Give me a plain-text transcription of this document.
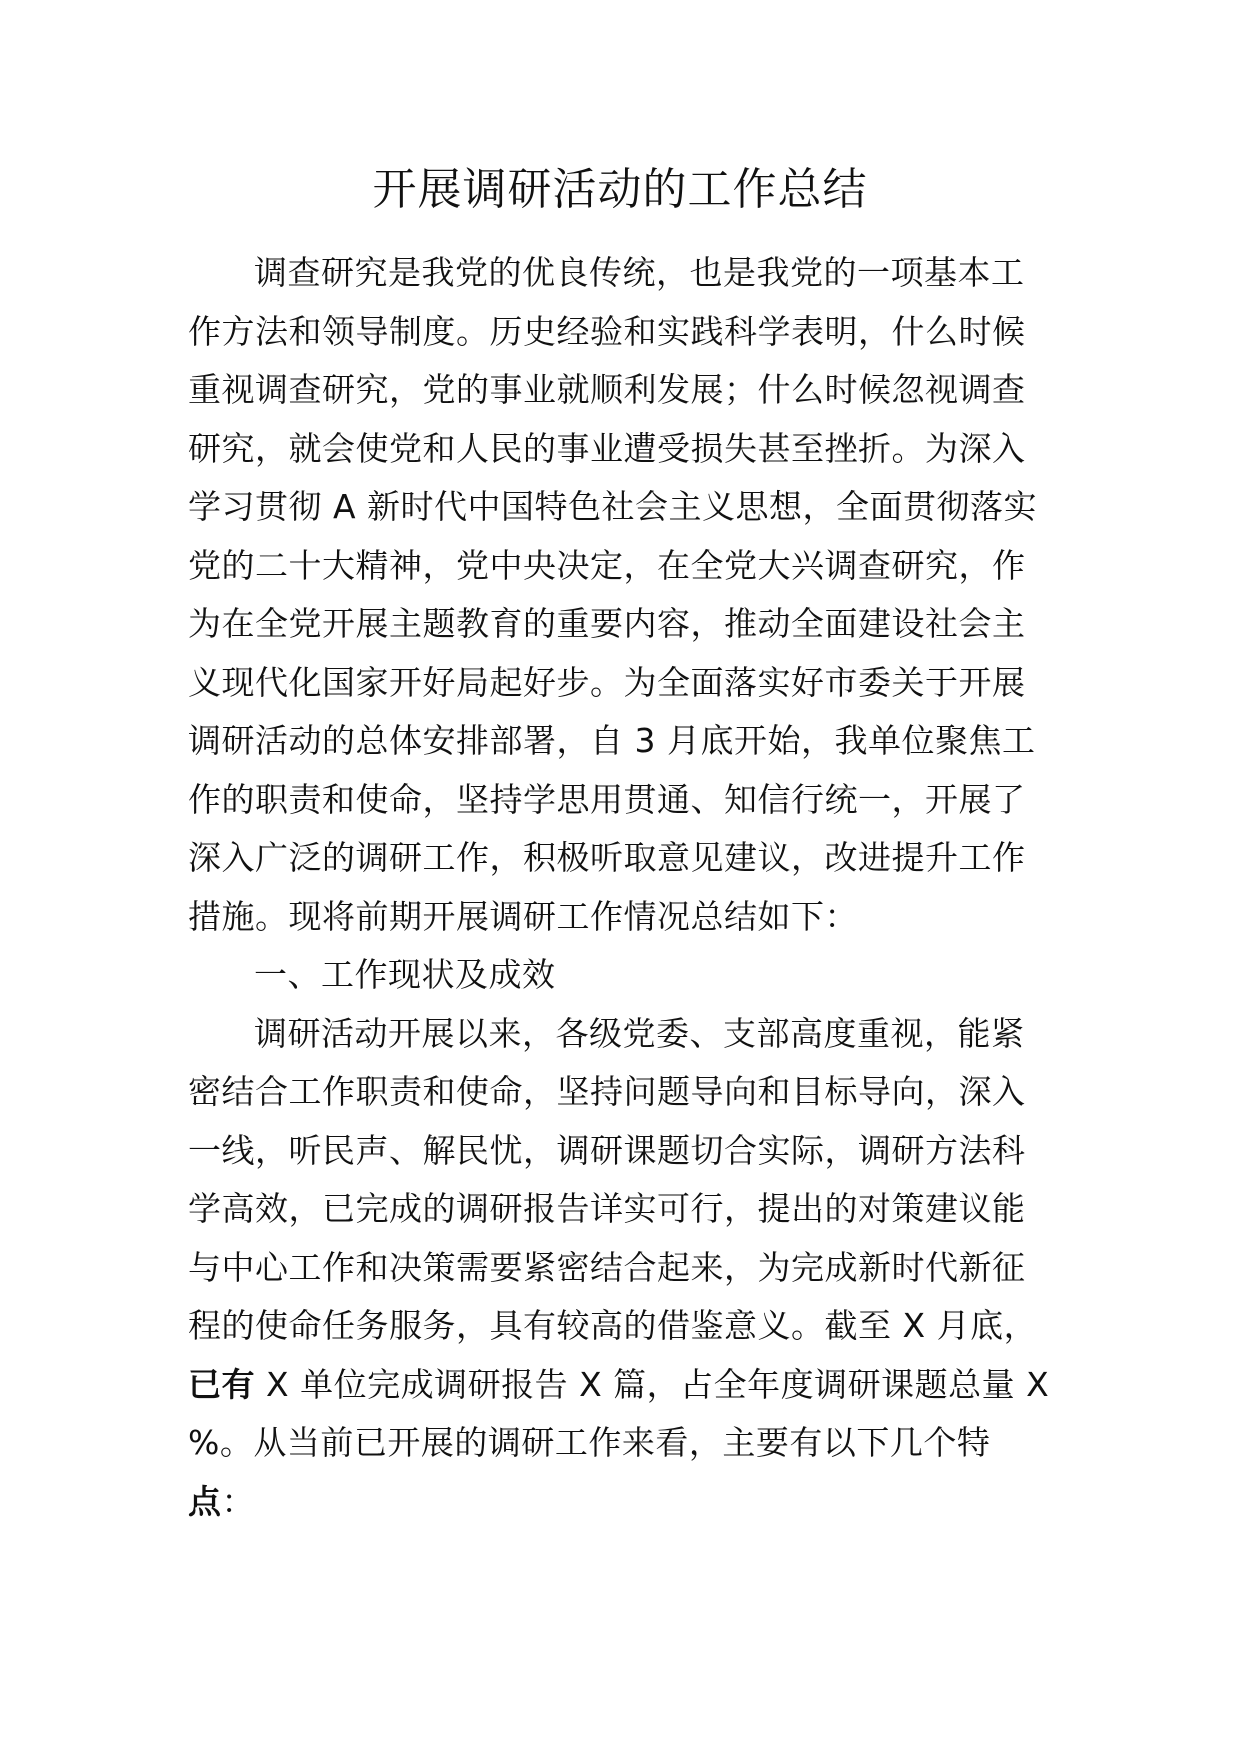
开展调研活动的工作总结
调查研究是我党的优良传统，也是我党的一项基本工
作方法和领导制度。历史经验和实践科学表明，什么时候
重视调查研究，党的事业就顺利发展；什么时候忽视调查
研究，就会使党和人民的事业遭受损失甚至挫折。为深入
学习贯彻 A 新时代中国特色社会主义思想，全面贯彻落实
党的二十大精神，党中央决定，在全党大兴调查研究，作
为在全党开展主题教育的重要内容，推动全面建设社会主
义现代化国家开好局起好步。为全面落实好市委关于开展
调研活动的总体安排部署，自 3 月底开始，我单位聚焦工
作的职责和使命，坚持学思用贯通、知信行统一，开展了
深入广泛的调研工作，积极听取意见建议，改进提升工作
措施。现将前期开展调研工作情况总结如下：
一、工作现状及成效
调研活动开展以来，各级党委、支部高度重视，能紧
密结合工作职责和使命，坚持问题导向和目标导向，深入
一线，听民声、解民忧，调研课题切合实际，调研方法科
学高效，已完成的调研报告详实可行，提出的对策建议能
与中心工作和决策需要紧密结合起来，为完成新时代新征
程的使命任务服务，具有较高的借鉴意义。截至 X 月底，
已有 X 单位完成调研报告 X 篇，占全年度调研课题总量 X
%。从当前已开展的调研工作来看，主要有以下几个特
点：
